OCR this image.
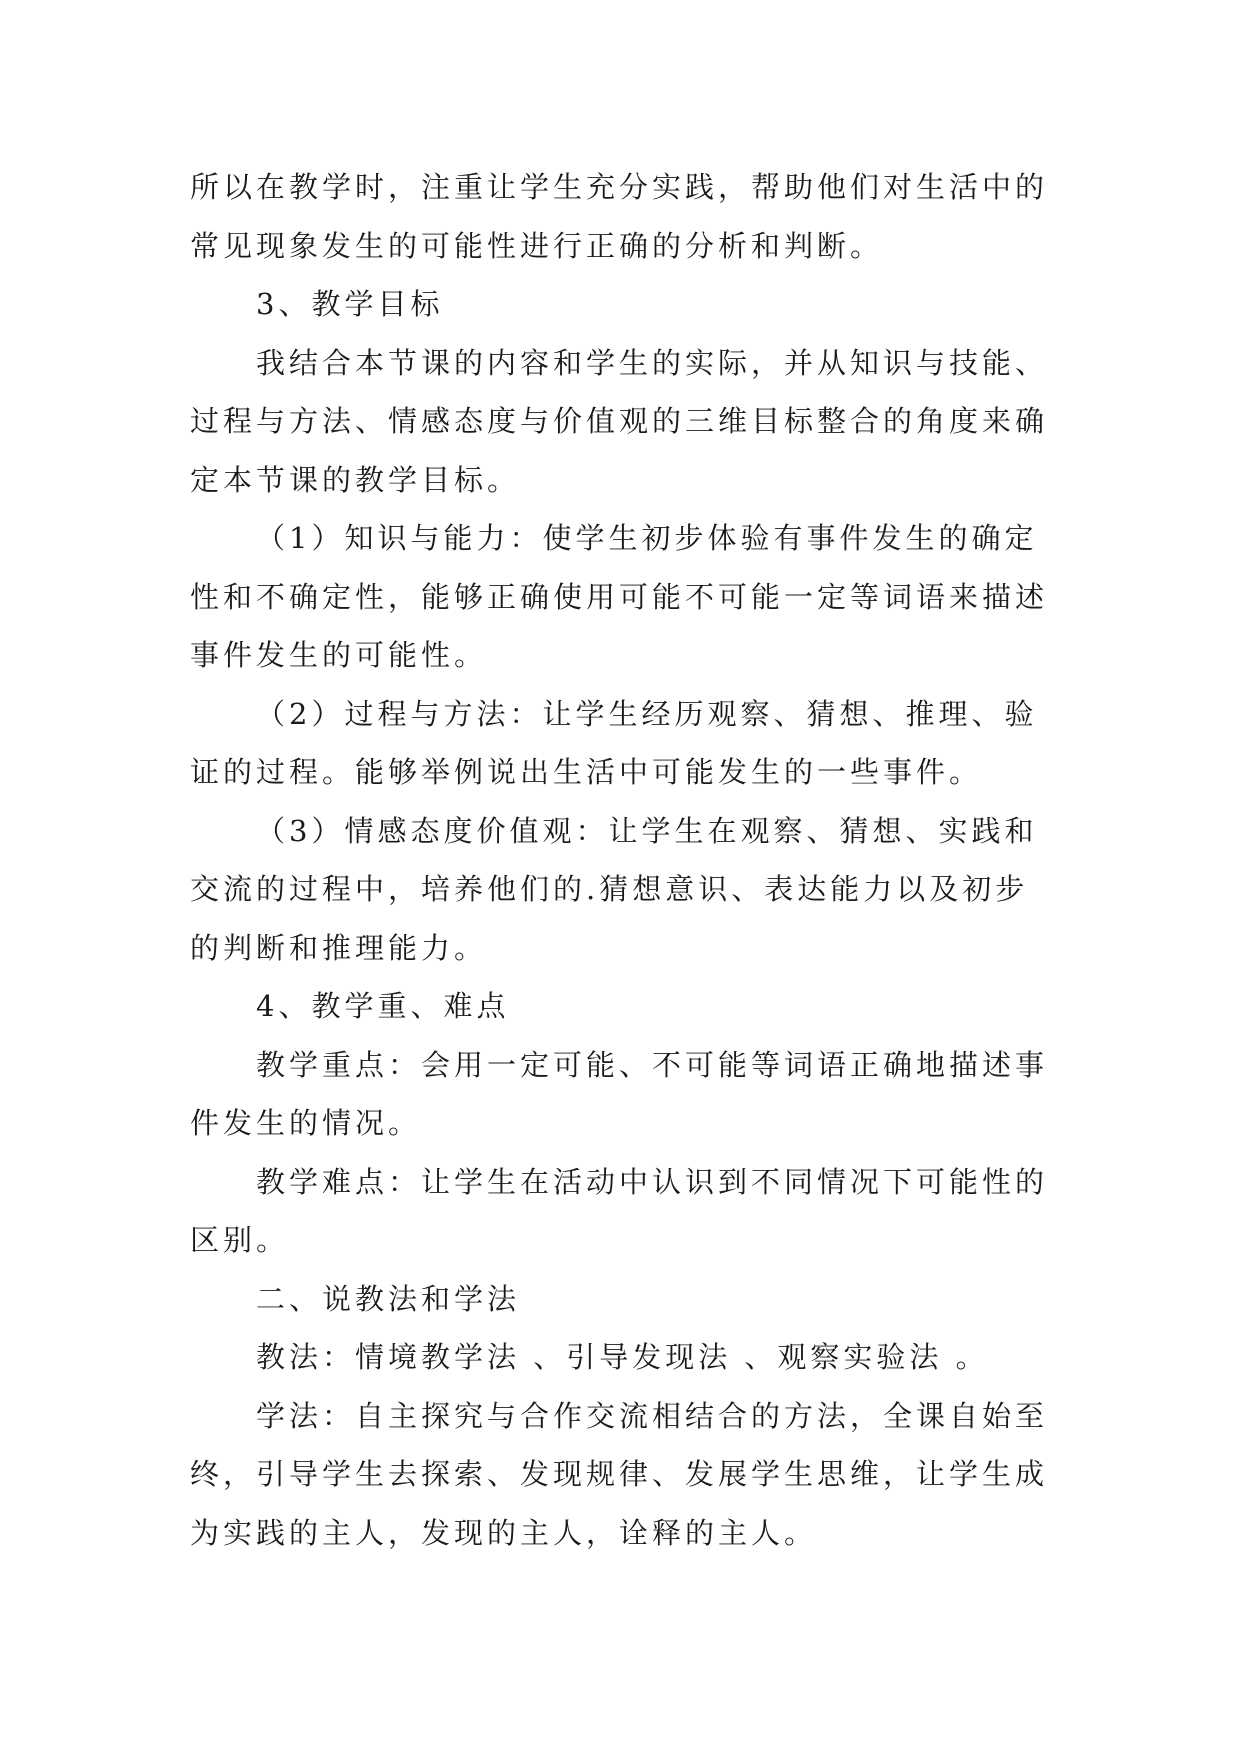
所以在教学时，注重让学生充分实践，帮助他们对生活中的
常见现象发生的可能性进行正确的分析和判断。
3、教学目标
我结合本节课的内容和学生的实际，并从知识与技能、
过程与方法、情感态度与价值观的三维目标整合的角度来确
定本节课的教学目标。
（1）知识与能力：使学生初步体验有事件发生的确定
性和不确定性，能够正确使用可能不可能一定等词语来描述
事件发生的可能性。
（2）过程与方法：让学生经历观察、猜想、推理、验
证的过程。能够举例说出生活中可能发生的一些事件。
（3）情感态度价值观：让学生在观察、猜想、实践和
交流的过程中，培养他们的.猜想意识、表达能力以及初步
的判断和推理能力。
4、教学重、难点
教学重点：会用一定可能、不可能等词语正确地描述事
件发生的情况。
教学难点：让学生在活动中认识到不同情况下可能性的
区别。
二、说教法和学法
教法：情境教学法 、引导发现法 、观察实验法 。
学法：自主探究与合作交流相结合的方法，全课自始至
终，引导学生去探索、发现规律、发展学生思维，让学生成
为实践的主人，发现的主人，诠释的主人。
